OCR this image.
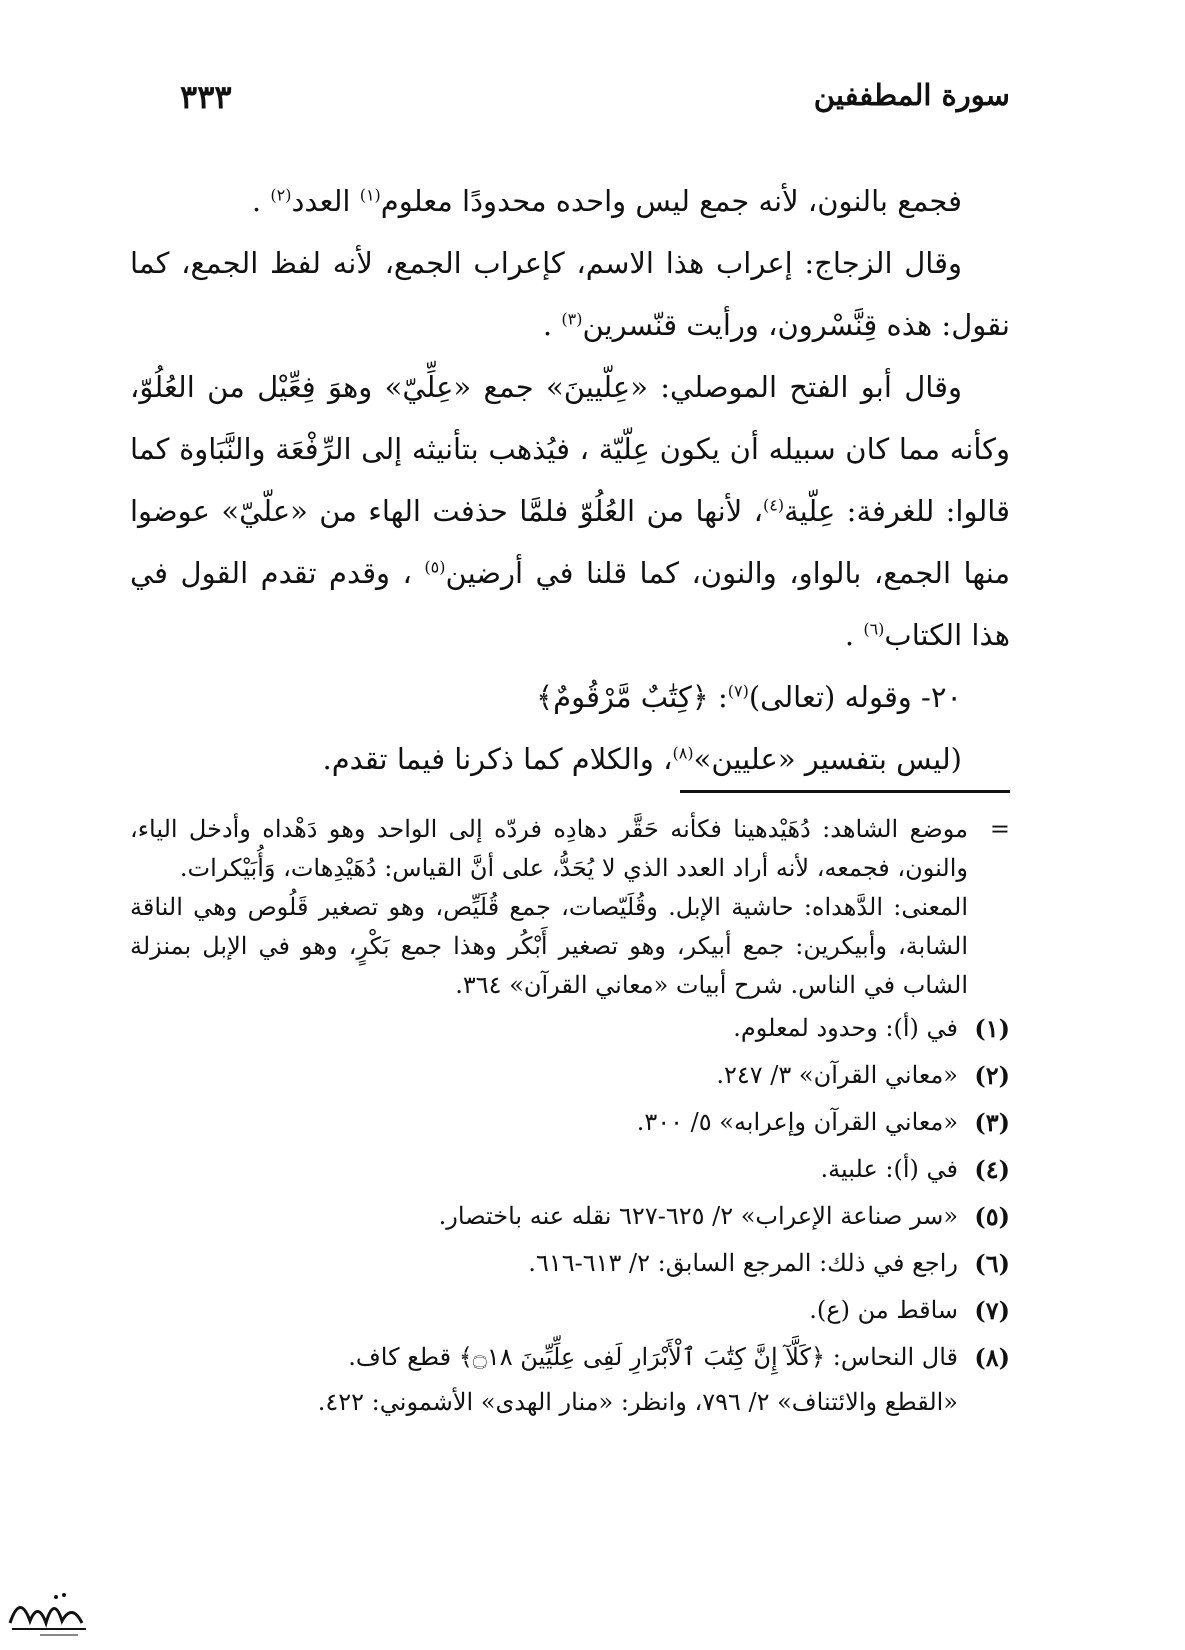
سورة المطففين
٣٣٣

فجمع بالنون، لأنه جمع ليس واحده محدودًا معلوم$^{(١)}$ العدد$^{(٢)}$ .

وقال الزجاج: إعراب هذا الاسم، كإعراب الجمع، لأنه لفظ الجمع، كما نقول: هذه قِنَّسْرون، ورأيت قنّسرين$^{(٣)}$ .

وقال أبو الفتح الموصلي: «عِلّيينَ» جمع «عِلِّيّ» وهوَ فِعِّيْل من العُلُوّ، وكأنه مما كان سبيله أن يكون عِلّيّة ، فيُذهب بتأنيثه إلى الرِّفْعَة والنَّبَاوة كما قالوا: للغرفة: عِلّية$^{(٤)}$، لأنها من العُلُوّ فلمَّا حذفت الهاء من «علّيّ» عوضوا منها الجمع، بالواو، والنون، كما قلنا في أرضين$^{(٥)}$ ، وقدم تقدم القول في هذا الكتاب$^{(٦)}$ .

٢٠- وقوله (تعالى)$^{(٧)}$: ﴿كِتَٰبٌ مَّرْقُومٌ﴾

(ليس بتفسير «عليين»$^{(٨)}$، والكلام كما ذكرنا فيما تقدم.

=
موضع الشاهد: دُهَيْدهينا فكأنه حَقَّر دهادِه فردّه إلى الواحد وهو دَهْداه وأدخل الياء، والنون، فجمعه، لأنه أراد العدد الذي لا يُحَدُّ، على أنَّ القياس: دُهَيْدِهات، وَأُبَيْكرات.

المعنى: الدَّهداه: حاشية الإبل. وقُلَيّصات، جمع قُلَيِّص، وهو تصغير قَلُوص وهي الناقة الشابة، وأبيكرين: جمع أبيكر، وهو تصغير أَبْكُر وهذا جمع بَكْرٍ، وهو في الإبل بمنزلة الشاب في الناس. شرح أبيات «معاني القرآن» ٣٦٤.

(١)
في (أ): وحدود لمعلوم.
(٢)
«معاني القرآن» ٣/ ٢٤٧.
(٣)
«معاني القرآن وإعرابه» ٥/ ٣٠٠.
(٤)
في (أ): علبية.
(٥)
«سر صناعة الإعراب» ٢/ ٦٢٥-٦٢٧ نقله عنه باختصار.
(٦)
راجع في ذلك: المرجع السابق: ٢/ ٦١٣-٦١٦.
(٧)
ساقط من (ع).
(٨)
قال النحاس: ﴿كَلَّآ إِنَّ كِتَٰبَ ٱلْأَبْرَارِ لَفِى عِلِّيِّينَ ۝١٨﴾ قطع كاف.
«القطع والائتناف» ٢/ ٧٩٦، وانظر: «منار الهدى» الأشموني: ٤٢٢.
